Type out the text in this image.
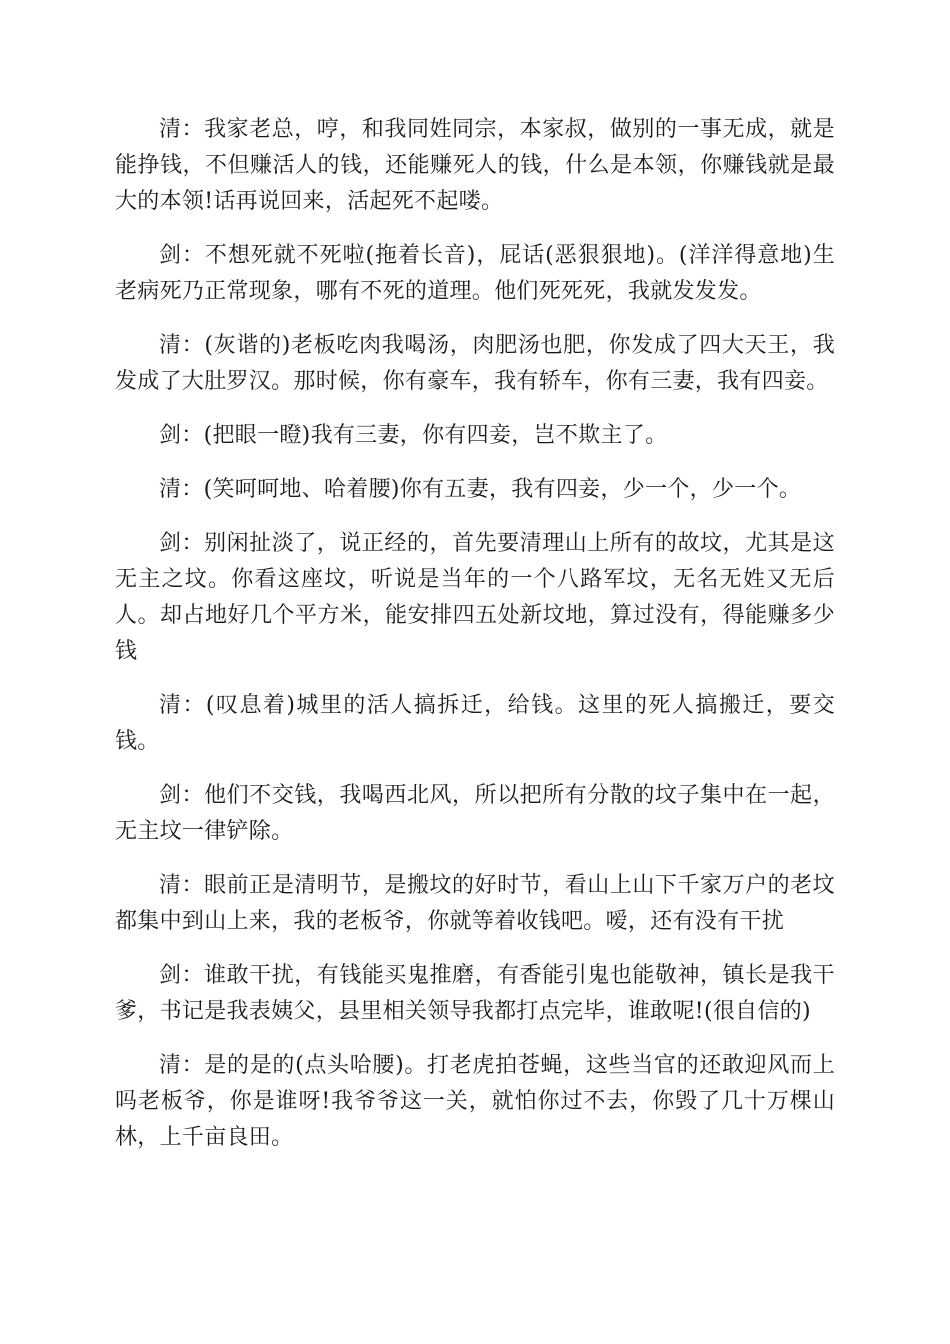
清：我家老总，哼，和我同姓同宗，本家叔，做别的一事无成，就是能挣钱，不但赚活人的钱，还能赚死人的钱，什么是本领，你赚钱就是最大的本领!话再说回来，活起死不起喽。

剑：不想死就不死啦(拖着长音)，屁话(恶狠狠地)。(洋洋得意地)生老病死乃正常现象，哪有不死的道理。他们死死死，我就发发发。

清：(灰谐的)老板吃肉我喝汤，肉肥汤也肥，你发成了四大天王，我发成了大肚罗汉。那时候，你有豪车，我有轿车，你有三妻，我有四妾。

剑：(把眼一瞪)我有三妻，你有四妾，岂不欺主了。

清：(笑呵呵地、哈着腰)你有五妻，我有四妾，少一个，少一个。

剑：别闲扯淡了，说正经的，首先要清理山上所有的故坟，尤其是这无主之坟。你看这座坟，听说是当年的一个八路军坟，无名无姓又无后人。却占地好几个平方米，能安排四五处新坟地，算过没有，得能赚多少钱

清：(叹息着)城里的活人搞拆迁，给钱。这里的死人搞搬迁，要交钱。

剑：他们不交钱，我喝西北风，所以把所有分散的坟子集中在一起，无主坟一律铲除。

清：眼前正是清明节，是搬坟的好时节，看山上山下千家万户的老坟都集中到山上来，我的老板爷，你就等着收钱吧。嗳，还有没有干扰

剑：谁敢干扰，有钱能买鬼推磨，有香能引鬼也能敬神，镇长是我干爹，书记是我表姨父，县里相关领导我都打点完毕，谁敢呢!(很自信的)

清：是的是的(点头哈腰)。打老虎拍苍蝇，这些当官的还敢迎风而上吗老板爷，你是谁呀!我爷爷这一关，就怕你过不去，你毁了几十万棵山林，上千亩良田。
